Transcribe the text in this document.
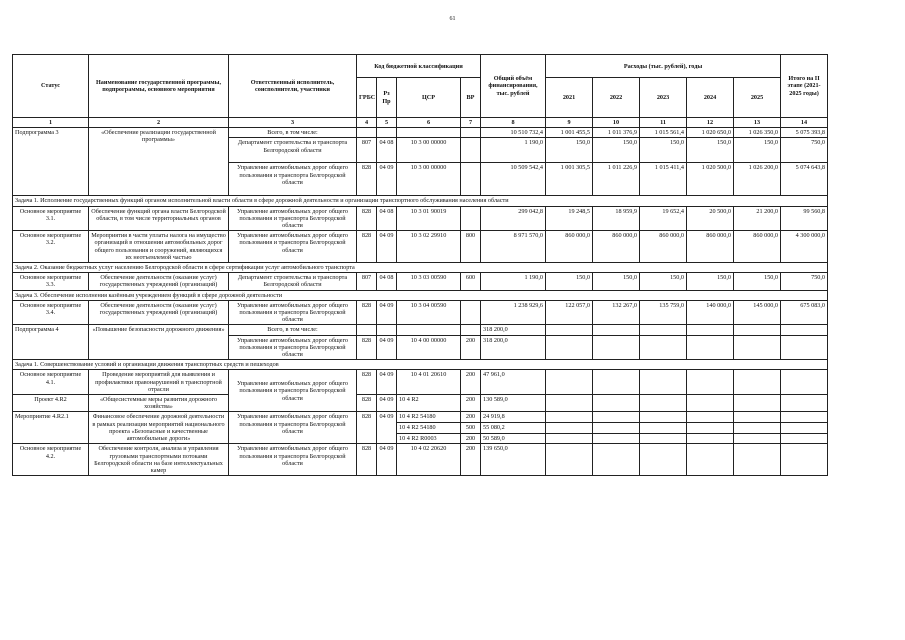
61
Статус	Наименование государственной программы, подпрограммы, основного мероприятия	Ответственный исполнитель, соисполнители, участники	Код бюджетной классификации				Общий объём финансирования, тыс. рублей	Расходы (тыс. рублей), годы					Итого на II этапе (2021-2025 годы)
			ГРБС	Рз Пр	ЦСР	ВР		2021	2022	2023	2024	2025	
1	2	3	4	5	6	7	8	9	10	11	12	13	14
Подпрограмма 3	«Обеспечение реализации государственной программы»	Всего, в том числе:					10 510 732,4	1 001 455,5	1 011 376,9	1 015 561,4	1 020 650,0	1 026 350,0	5 075 393,8
		Департамент строительства и транспорта Белгородской области	807	04 08	10 3 00 00000		1 190,0	150,0	150,0	150,0	150,0	150,0	750,0
		Управление автомобильных дорог общего пользования и транспорта Белгородской области	828	04 09	10 3 00 00000		10 509 542,4	1 001 305,5	1 011 226,9	1 015 411,4	1 020 500,0	1 026 200,0	5 074 643,8
Задача 1. Исполнение государственных функций органом исполнительной власти области в сфере дорожной деятельности и организации транспортного обслуживания населения области													
Основное мероприятие 3.1.	Обеспечение функций органа власти Белгородской области, в том числе территориальных органов	Управление автомобильных дорог общего пользования и транспорта Белгородской области	828	04 08	10 3 01 90019		299 042,8	19 248,5	18 959,9	19 652,4	20 500,0	21 200,0	99 560,8
Основное мероприятие 3.2.	Мероприятия в части уплаты налога на имущество организаций в отношении автомобильных дорог общего пользования и сооружений, являющихся их неотъемлемой частью	Управление автомобильных дорог общего пользования и транспорта Белгородской области	828	04 09	10 3 02 29910	800	8 971 570,0	860 000,0	860 000,0	860 000,0	860 000,0	860 000,0	4 300 000,0
Задача 2. Оказание бюджетных услуг населению Белгородской области в сфере сертификации услуг автомобильного транспорта													
Основное мероприятие 3.3.	Обеспечение деятельности (оказание услуг) государственных учреждений (организаций)	Департамент строительства и транспорта Белгородской области	807	04 08	10 3 03 00590	600	1 190,0	150,0	150,0	150,0	150,0	150,0	750,0
Задача 3. Обеспечение исполнения казённым учреждением функций в сфере дорожной деятельности													
Основное мероприятие 3.4.	Обеспечение деятельности (оказание услуг) государственных учреждений (организаций)	Управление автомобильных дорог общего пользования и транспорта Белгородской области	828	04 09	10 3 04 00590		1 238 929,6	122 057,0	132 267,0	135 759,0	140 000,0	145 000,0	675 083,0
Подпрограмма 4	«Повышение безопасности дорожного движения»	Всего, в том числе:					318 200,0						
		Управление автомобильных дорог общего пользования и транспорта Белгородской области	828	04 09	10 4 00 00000	200	318 200,0						
Задача 1. Совершенствование условий и организации движения транспортных средств и пешеходов													
Основное мероприятие 4.1.	Проведение мероприятий для выявления и профилактики правонарушений в транспортной отрасли	Управление автомобильных дорог общего пользования и транспорта Белгородской области	828	04 09	10 4 01 20610	200	47 961,0						
Проект 4.R2	«Общесистемные меры развития дорожного хозяйства»		828	04 09	10 4 R2	200	130 589,0						
Мероприятие 4.R2.1	Финансовое обеспечение дорожной деятельности в рамках реализации мероприятий национального проекта «Безопасные и качественные автомобильные дороги»	Управление автомобильных дорог общего пользования и транспорта Белгородской области	828	04 09	10 4 R2 54180	200	24 919,8						
					10 4 R2 54180	500	55 080,2						
					10 4 R2 R0003	200	50 589,0						
Основное мероприятие 4.2.	Обеспечение контроля, анализа и управления грузовыми транспортными потоками Белгородской области на базе интеллектуальных камер	Управление автомобильных дорог общего пользования и транспорта Белгородской области	828	04 09	10 4 02 20620	200	139 650,0						
